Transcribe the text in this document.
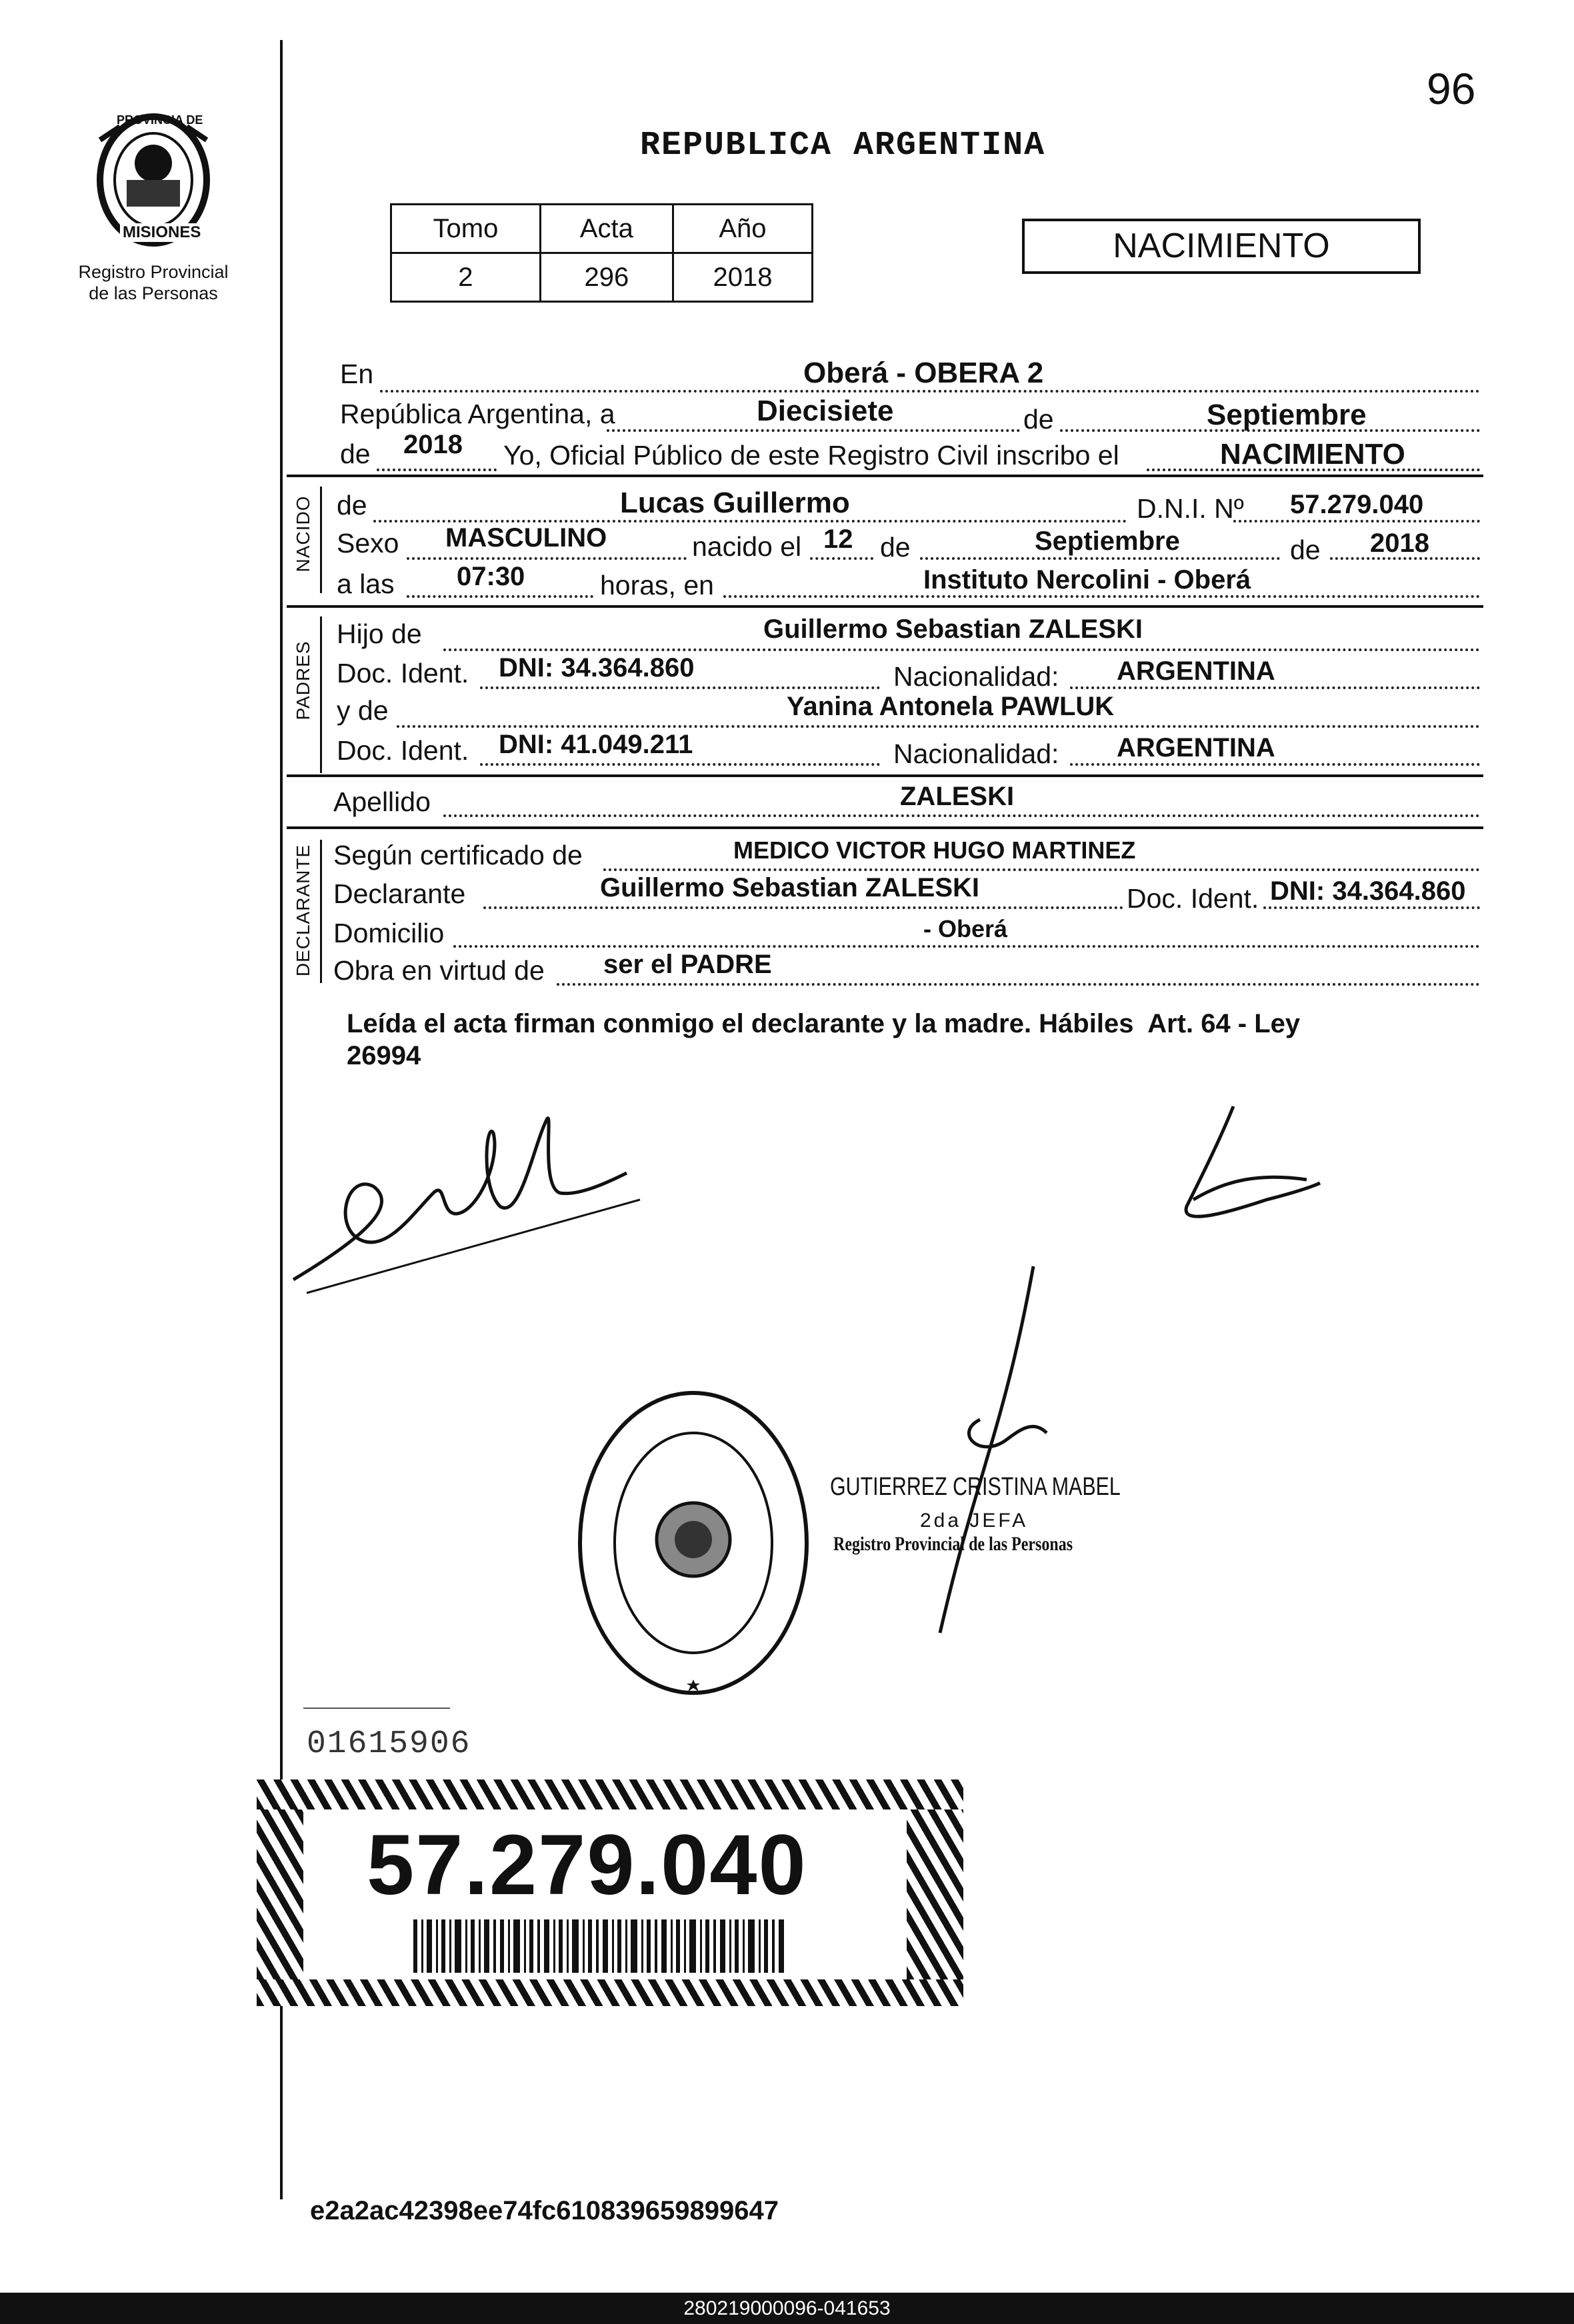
PROVINCIA DE
MISIONES
Registro Provincial
de las Personas
96
REPUBLICA ARGENTINA
Tomo	Acta	Año
2	296	2018
NACIMIENTO
En	Oberá - OBERA 2
República Argentina, a	Diecisiete	de	Septiembre
de 2018 Yo, Oficial Público de este Registro Civil inscribo el	NACIMIENTO
NACIDO de	Lucas Guillermo	D.N.I. Nº 57.279.040
Sexo MASCULINO	nacido el 12 de	Septiembre	de 2018
a las 07:30	horas, en	Instituto Nercolini - Oberá
PADRES
Hijo de	Guillermo Sebastian ZALESKI
Doc. Ident. DNI: 34.364.860	Nacionalidad: ARGENTINA
y de	Yanina Antonela PAWLUK
Doc. Ident. DNI: 41.049.211	Nacionalidad: ARGENTINA
Apellido	ZALESKI
DECLARANTE Según certificado de	MEDICO VICTOR HUGO MARTINEZ
Declarante	Guillermo Sebastian ZALESKI	Doc. Ident. DNI: 34.364.860
Domicilio	- Oberá
Obra en virtud de ser el PADRE
Leída el acta firman conmigo el declarante y la madre. Hábiles  Art. 64 - Ley
26994
GUTIERREZ CRISTINA MABEL
2da JEFA
Registro Provincial de las Personas
01615906
57.279.040
e2a2ac42398ee74fc610839659899647
280219000096-041653
